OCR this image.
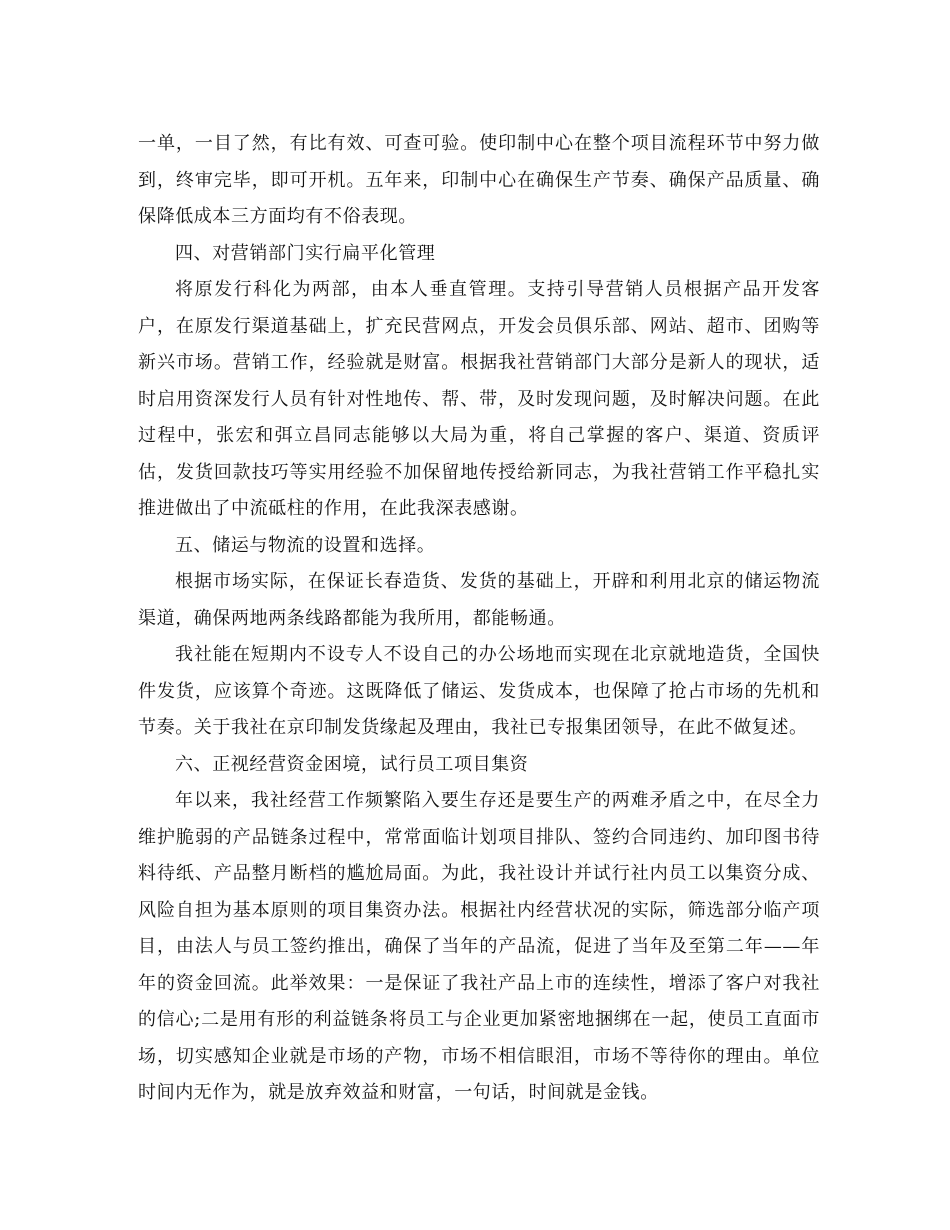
一单，一目了然，有比有效、可查可验。使印制中心在整个项目流程环节中努力做到，终审完毕，即可开机。五年来，印制中心在确保生产节奏、确保产品质量、确保降低成本三方面均有不俗表现。

四、对营销部门实行扁平化管理

将原发行科化为两部，由本人垂直管理。支持引导营销人员根据产品开发客户，在原发行渠道基础上，扩充民营网点，开发会员俱乐部、网站、超市、团购等新兴市场。营销工作，经验就是财富。根据我社营销部门大部分是新人的现状，适时启用资深发行人员有针对性地传、帮、带，及时发现问题，及时解决问题。在此过程中，张宏和弭立昌同志能够以大局为重，将自己掌握的客户、渠道、资质评估，发货回款技巧等实用经验不加保留地传授给新同志，为我社营销工作平稳扎实推进做出了中流砥柱的作用，在此我深表感谢。

五、储运与物流的设置和选择。

根据市场实际，在保证长春造货、发货的基础上，开辟和利用北京的储运物流渠道，确保两地两条线路都能为我所用，都能畅通。

我社能在短期内不设专人不设自己的办公场地而实现在北京就地造货，全国快件发货，应该算个奇迹。这既降低了储运、发货成本，也保障了抢占市场的先机和节奏。关于我社在京印制发货缘起及理由，我社已专报集团领导，在此不做复述。

六、正视经营资金困境，试行员工项目集资

年以来，我社经营工作频繁陷入要生存还是要生产的两难矛盾之中，在尽全力维护脆弱的产品链条过程中，常常面临计划项目排队、签约合同违约、加印图书待料待纸、产品整月断档的尴尬局面。为此，我社设计并试行社内员工以集资分成、风险自担为基本原则的项目集资办法。根据社内经营状况的实际，筛选部分临产项目，由法人与员工签约推出，确保了当年的产品流，促进了当年及至第二年——年年的资金回流。此举效果：一是保证了我社产品上市的连续性，增添了客户对我社的信心;二是用有形的利益链条将员工与企业更加紧密地捆绑在一起，使员工直面市场，切实感知企业就是市场的产物，市场不相信眼泪，市场不等待你的理由。单位时间内无作为，就是放弃效益和财富，一句话，时间就是金钱。
